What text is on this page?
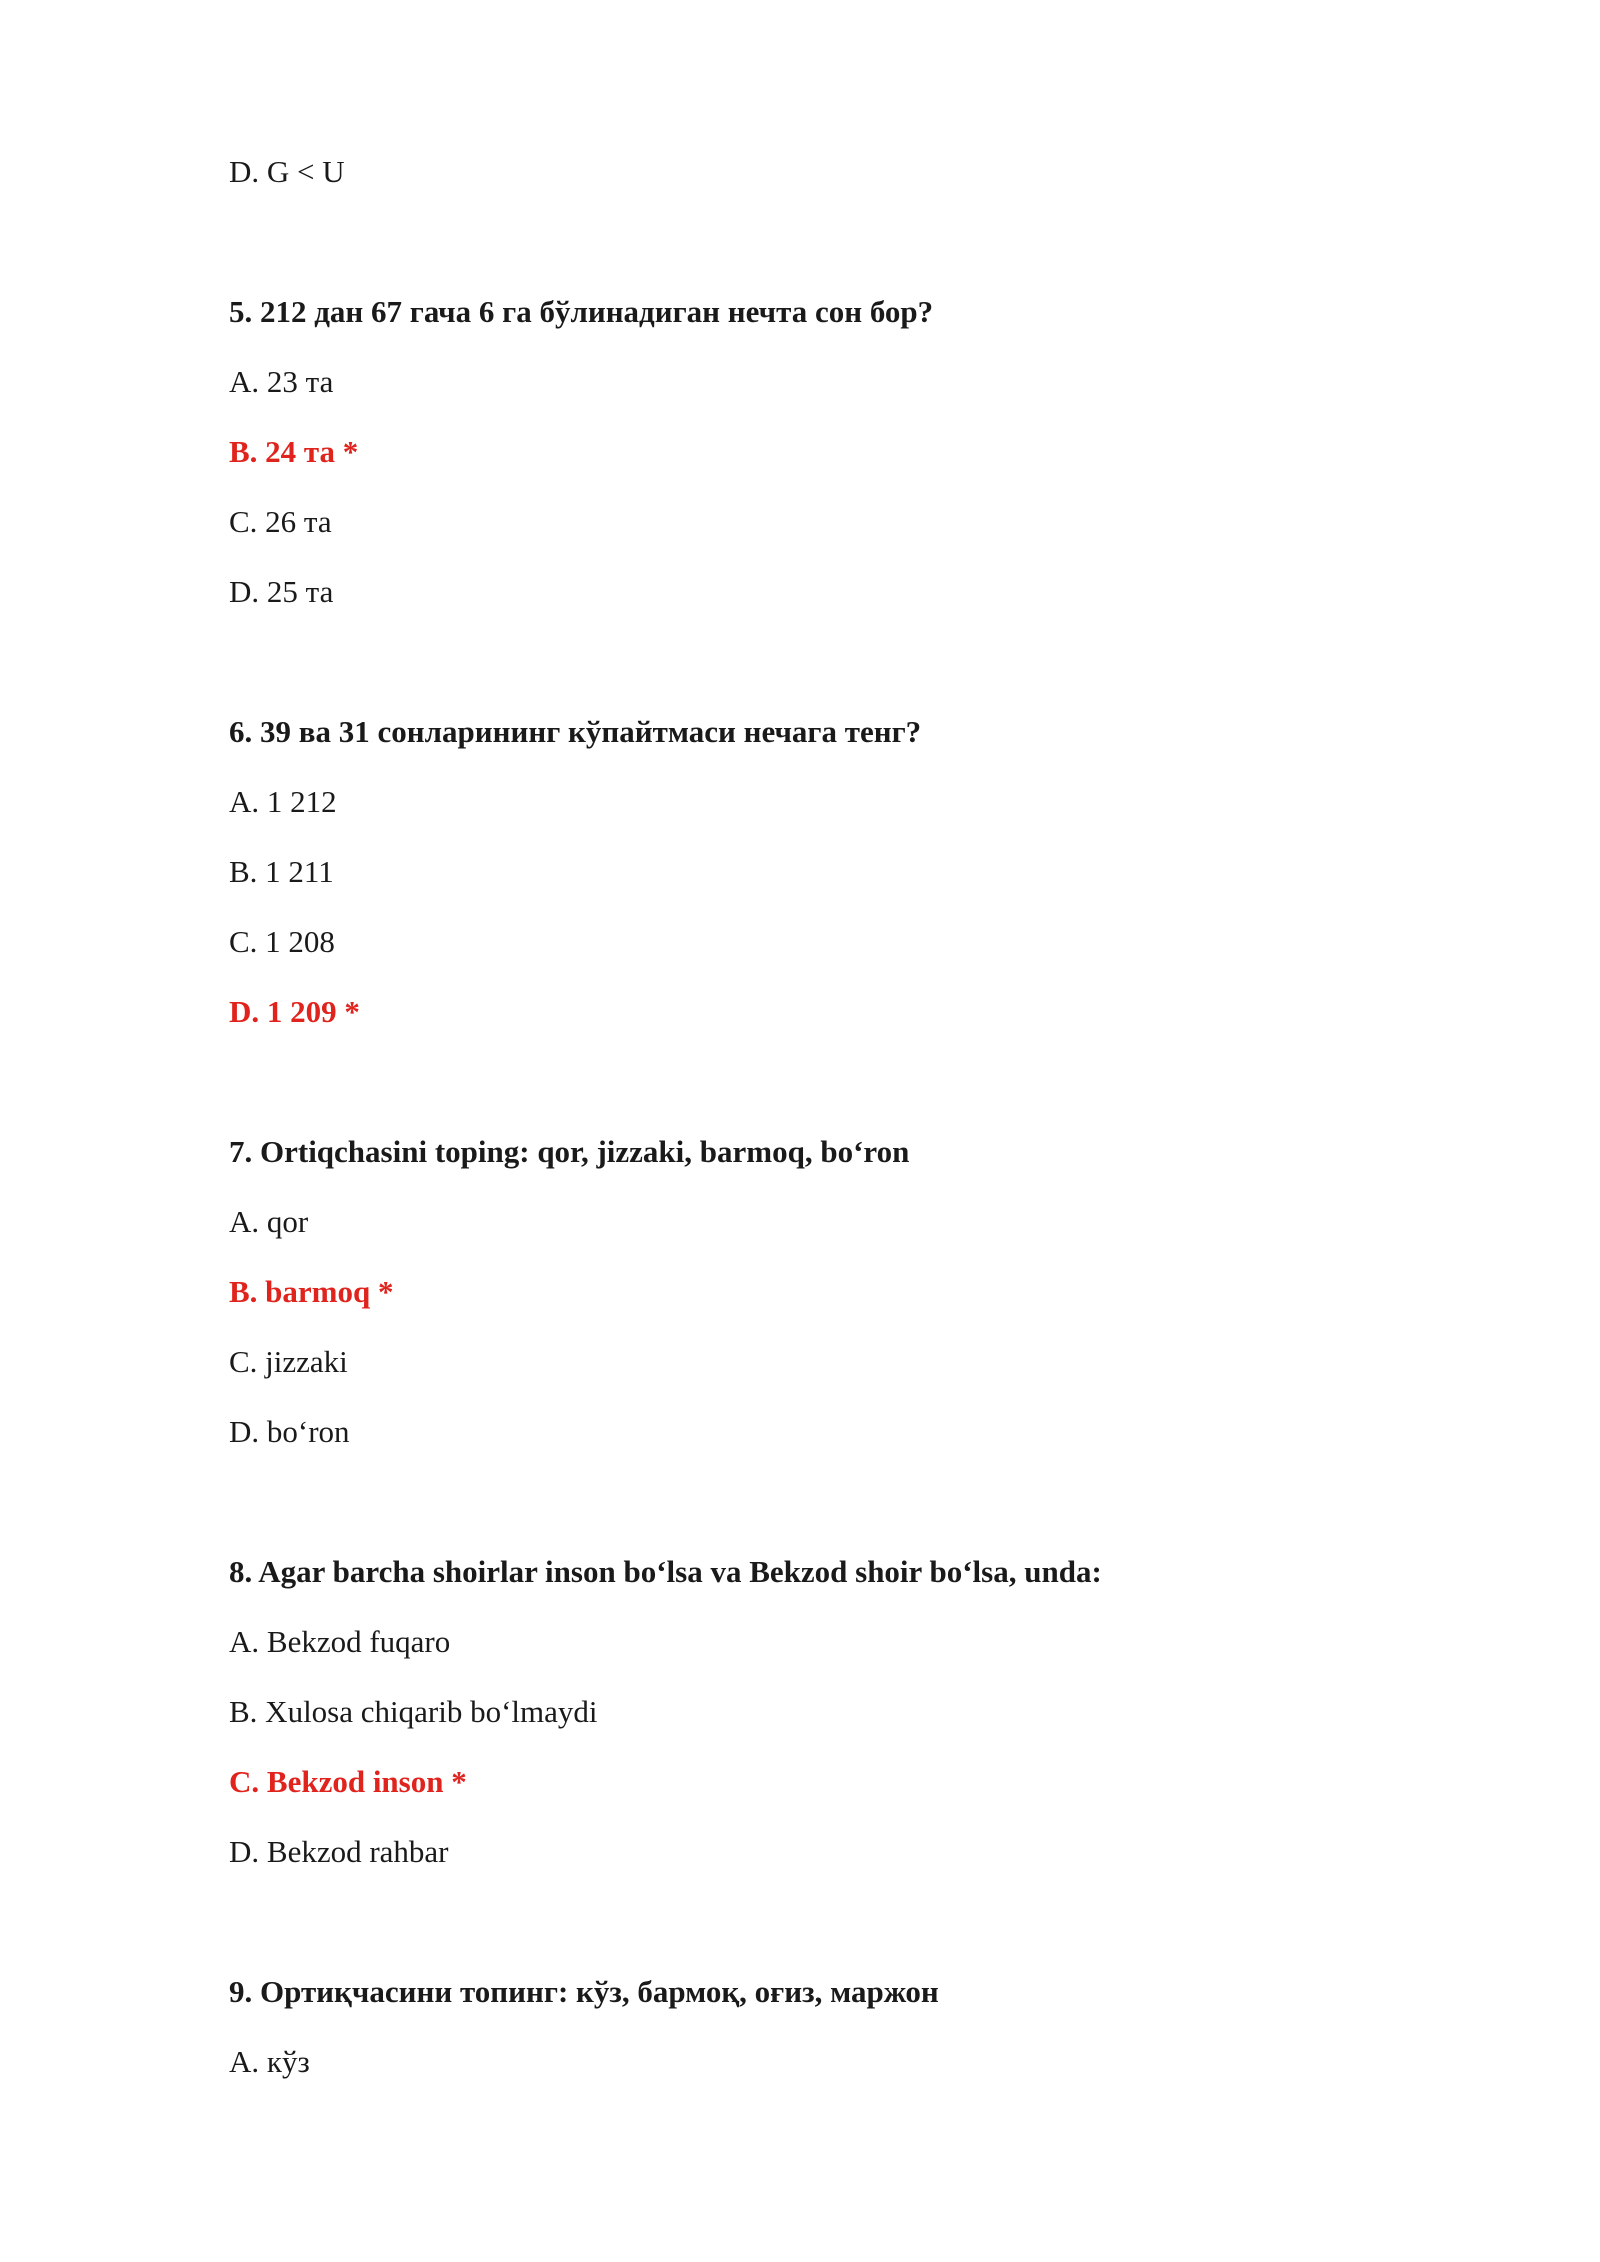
D. G < U
5. 212 дан 67 гача 6 га бўлинадиган нечта сон бор?
A. 23 та
B. 24 та *
C. 26 та
D. 25 та
6. 39 ва 31 сонларининг кўпайтмаси нечага тенг?
A. 1 212
B. 1 211
C. 1 208
D. 1 209 *
7. Ortiqchasini toping: qor, jizzaki, barmoq, bo‘ron
A. qor
B. barmoq *
C. jizzaki
D. bo‘ron
8. Agar barcha shoirlar inson bo‘lsa va Bekzod shoir bo‘lsa, unda:
A. Bekzod fuqaro
B. Xulosa chiqarib bo‘lmaydi
C. Bekzod inson *
D. Bekzod rahbar
9. Ортиқчасини топинг: кўз, бармоқ, оғиз, маржон
A. кўз
